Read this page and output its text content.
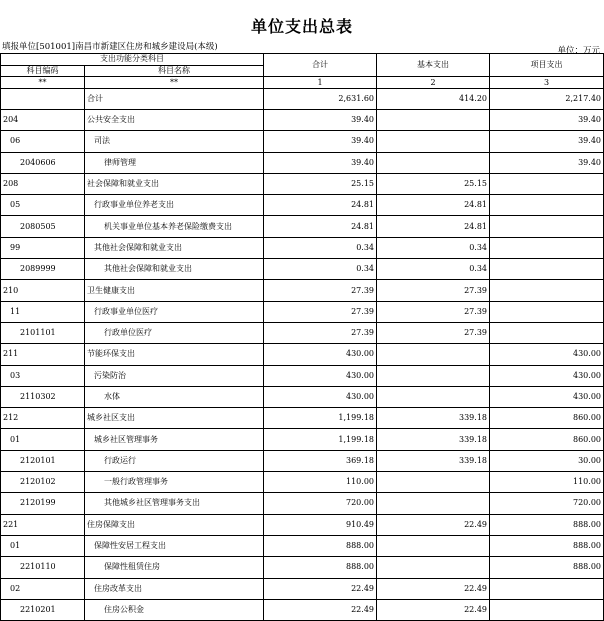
单位支出总表
填报单位[501001]南昌市新建区住房和城乡建设局(本级)	单位：万元
支出功能分类科目		合计	基本支出	项目支出
科目编码	科目名称			
**	**	1	2	3
	合计	2,631.60	414.20	2,217.40
204	公共安全支出	39.40		39.40
06	司法	39.40		39.40
2040606	律师管理	39.40		39.40
208	社会保障和就业支出	25.15	25.15	
05	行政事业单位养老支出	24.81	24.81	
2080505	机关事业单位基本养老保险缴费支出	24.81	24.81	
99	其他社会保障和就业支出	0.34	0.34	
2089999	其他社会保障和就业支出	0.34	0.34	
210	卫生健康支出	27.39	27.39	
11	行政事业单位医疗	27.39	27.39	
2101101	行政单位医疗	27.39	27.39	
211	节能环保支出	430.00		430.00
03	污染防治	430.00		430.00
2110302	水体	430.00		430.00
212	城乡社区支出	1,199.18	339.18	860.00
01	城乡社区管理事务	1,199.18	339.18	860.00
2120101	行政运行	369.18	339.18	30.00
2120102	一般行政管理事务	110.00		110.00
2120199	其他城乡社区管理事务支出	720.00		720.00
221	住房保障支出	910.49	22.49	888.00
01	保障性安居工程支出	888.00		888.00
2210110	保障性租赁住房	888.00		888.00
02	住房改革支出	22.49	22.49	
2210201	住房公积金	22.49	22.49	
